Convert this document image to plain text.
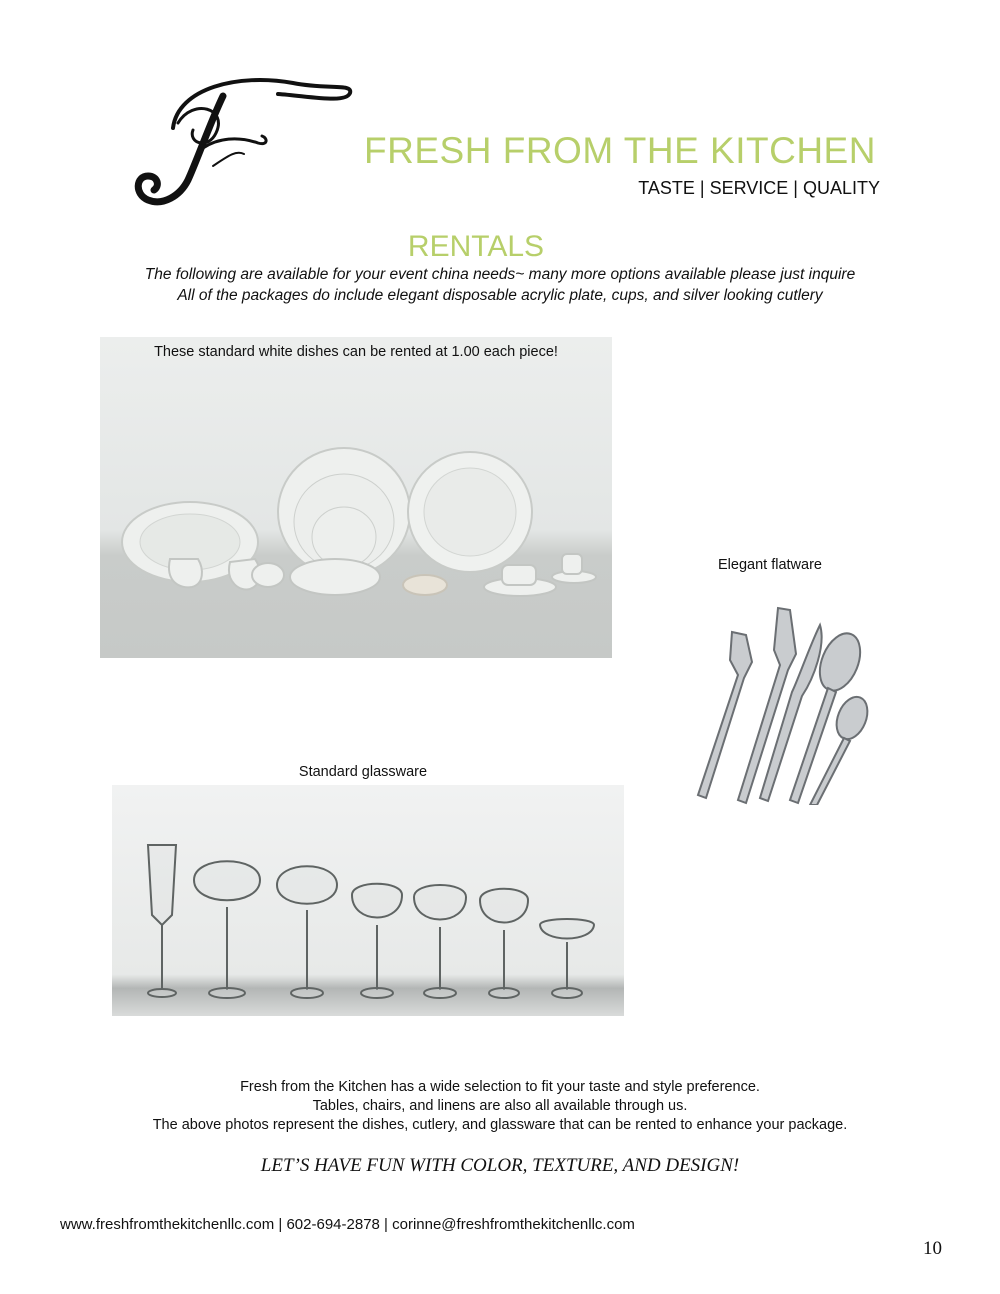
FRESH FROM THE KITCHEN
TASTE | SERVICE | QUALITY
RENTALS
The following are available for your event china needs~ many more options available please just inquire
All of the packages do include elegant disposable acrylic plate, cups, and silver looking cutlery
These standard white dishes can be rented at 1.00 each piece!
Elegant flatware
Standard glassware
Fresh from the Kitchen has a wide selection to fit your taste and style preference.
Tables, chairs, and linens are also all available through us.
The above photos represent the dishes, cutlery, and glassware that can be rented to enhance your package.
LET’S HAVE FUN WITH COLOR, TEXTURE, AND DESIGN!
www.freshfromthekitchenllc.com | 602-694-2878 | corinne@freshfromthekitchenllc.com
10
